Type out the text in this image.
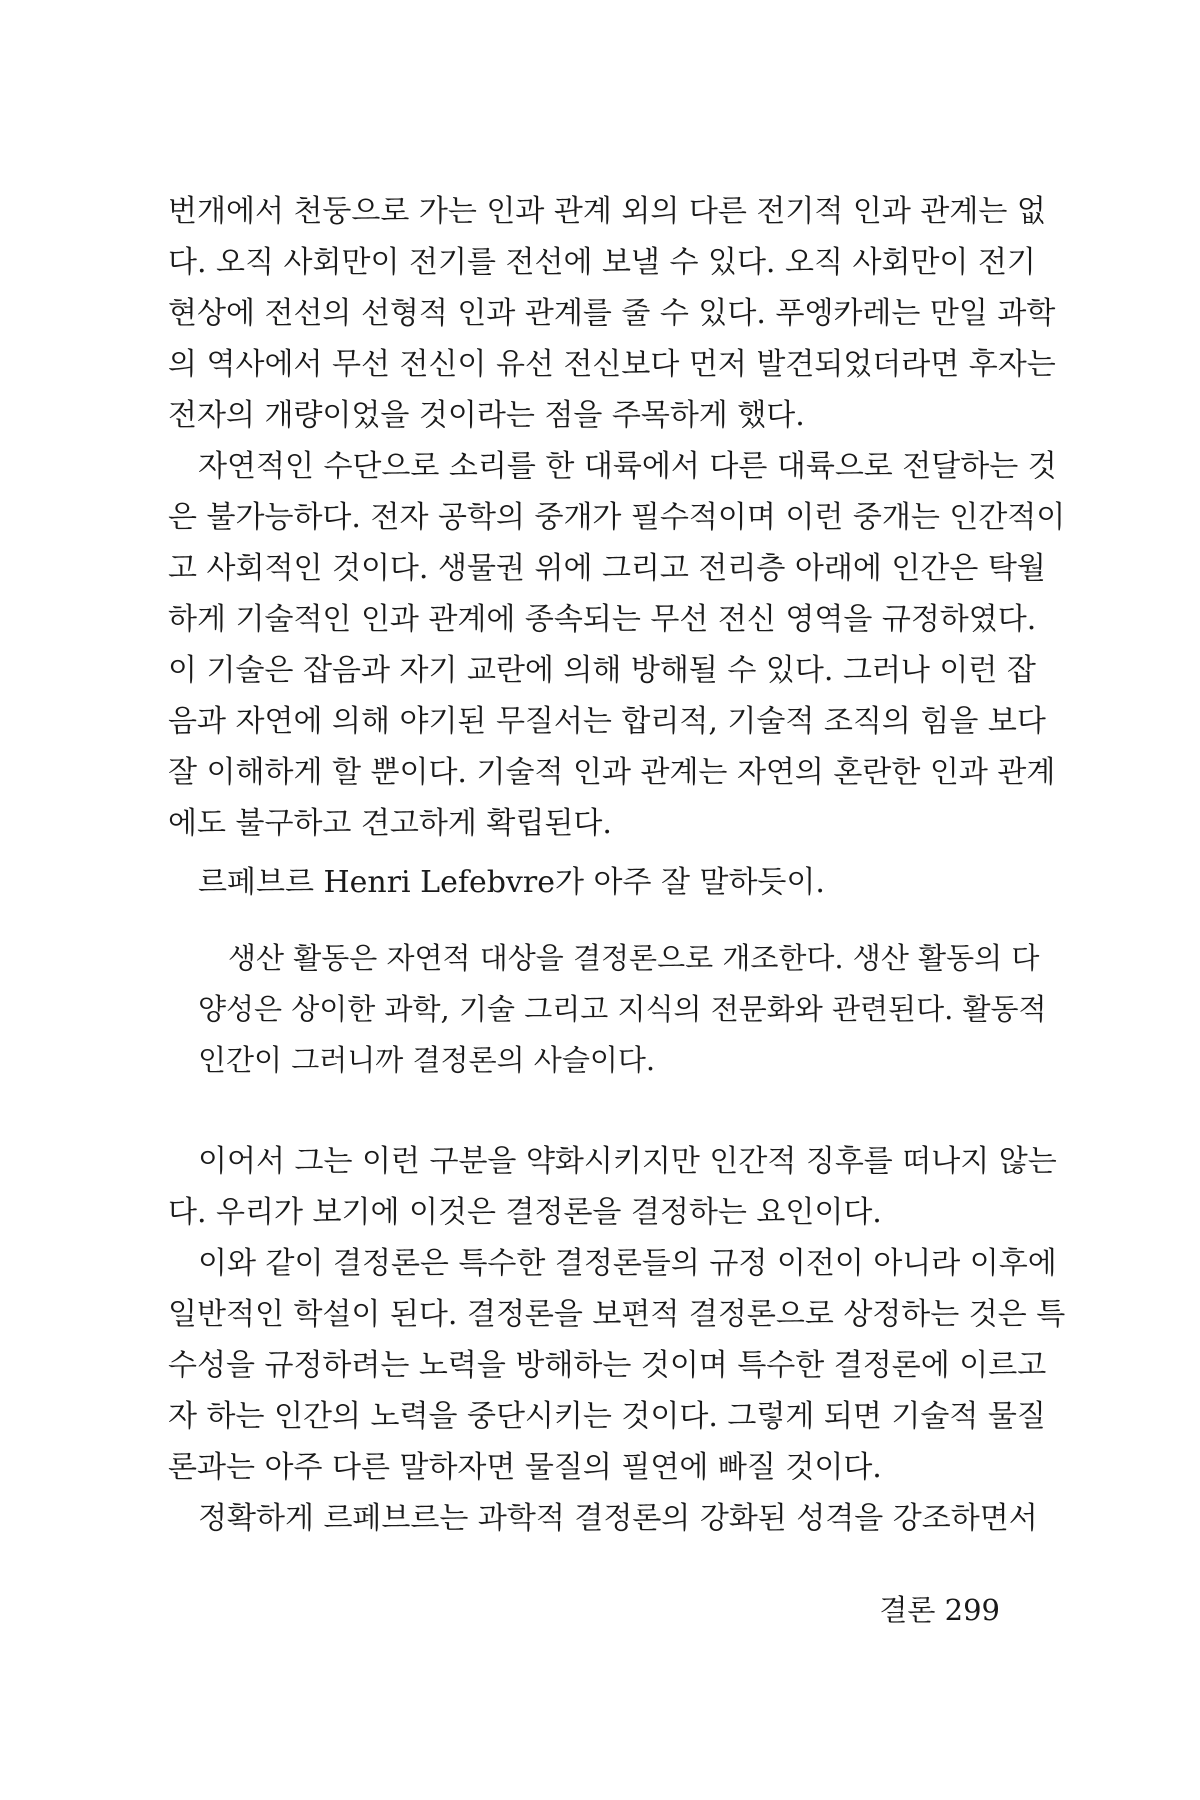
번개에서 천둥으로 가는 인과 관계 외의 다른 전기적 인과 관계는 없
다. 오직 사회만이 전기를 전선에 보낼 수 있다. 오직 사회만이 전기
현상에 전선의 선형적 인과 관계를 줄 수 있다. 푸엥카레는 만일 과학
의 역사에서 무선 전신이 유선 전신보다 먼저 발견되었더라면 후자는
전자의 개량이었을 것이라는 점을 주목하게 했다.
자연적인 수단으로 소리를 한 대륙에서 다른 대륙으로 전달하는 것
은 불가능하다. 전자 공학의 중개가 필수적이며 이런 중개는 인간적이
고 사회적인 것이다. 생물권 위에 그리고 전리층 아래에 인간은 탁월
하게 기술적인 인과 관계에 종속되는 무선 전신 영역을 규정하였다.
이 기술은 잡음과 자기 교란에 의해 방해될 수 있다. 그러나 이런 잡
음과 자연에 의해 야기된 무질서는 합리적, 기술적 조직의 힘을 보다
잘 이해하게 할 뿐이다. 기술적 인과 관계는 자연의 혼란한 인과 관계
에도 불구하고 견고하게 확립된다.
르페브르 Henri Lefebvre가 아주 잘 말하듯이.
생산 활동은 자연적 대상을 결정론으로 개조한다. 생산 활동의 다
양성은 상이한 과학, 기술 그리고 지식의 전문화와 관련된다. 활동적
인간이 그러니까 결정론의 사슬이다.
이어서 그는 이런 구분을 약화시키지만 인간적 징후를 떠나지 않는
다. 우리가 보기에 이것은 결정론을 결정하는 요인이다.
이와 같이 결정론은 특수한 결정론들의 규정 이전이 아니라 이후에
일반적인 학설이 된다. 결정론을 보편적 결정론으로 상정하는 것은 특
수성을 규정하려는 노력을 방해하는 것이며 특수한 결정론에 이르고
자 하는 인간의 노력을 중단시키는 것이다. 그렇게 되면 기술적 물질
론과는 아주 다른 말하자면 물질의 필연에 빠질 것이다.
정확하게 르페브르는 과학적 결정론의 강화된 성격을 강조하면서
결론 299
